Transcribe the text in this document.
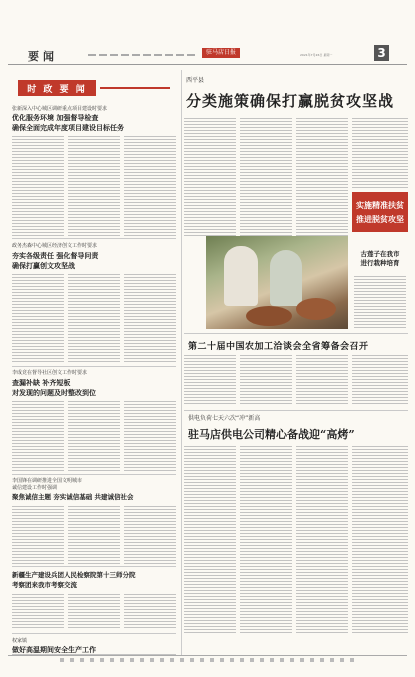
要闻	驻马店日报	2021年7月26日 星期一	3
时 政 要 闻
张新深入中心城区调研重点项目建设时要求
优化服务环境 加强督导检查
确保全面完成年度项目建设目标任务
政务杰森中心城区经济创文工作时要求
夯实各级责任 强化督导问责
确保打赢创文攻坚战
李成竞在督导社区创文工作时要求
查漏补缺 补齐短板
对发现的问题及时整改到位
李国锋在调研推进全国文明城市
诚信建设工作时强调
聚焦诚信主题 夯实诚信基础 共建诚信社会
新疆生产建设兵团人民检察院第十三师分院
考察团来我市考察交流
权家镇
做好高温期间安全生产工作
西平县
分类施策确保打赢脱贫攻坚战
实施精准扶贫
推进脱贫攻坚
古莲子在我市
进行栽种培育
第二十届中国农加工洽谈会全省筹备会召开
供电负荷七天六次“冲”新高
驻马店供电公司精心备战迎“高烤”
